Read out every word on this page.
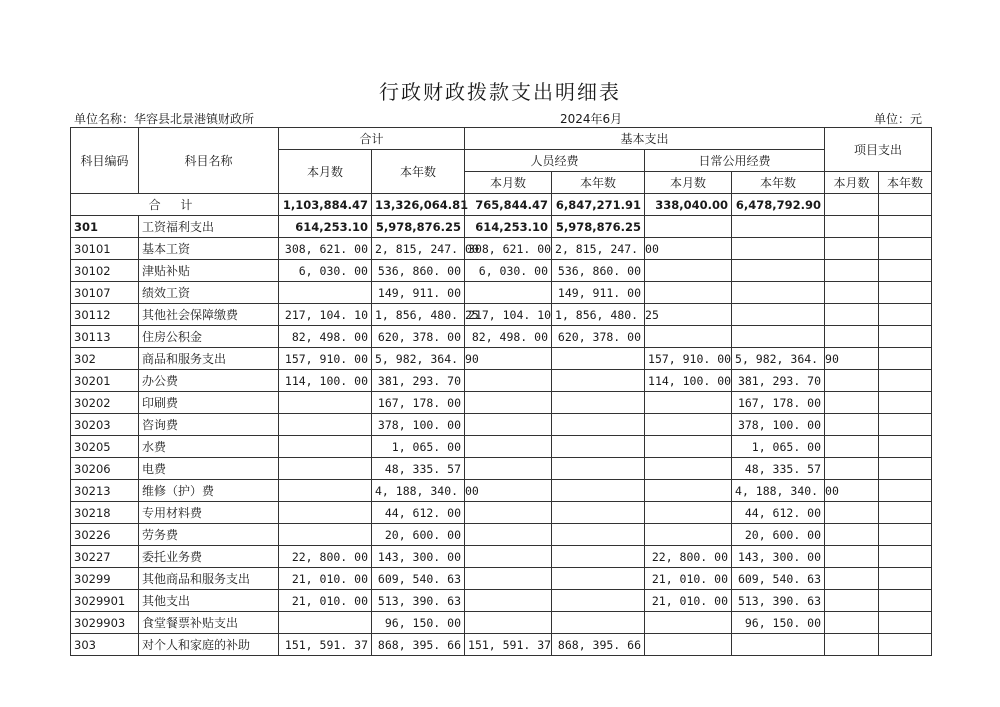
行政财政拨款支出明细表
单位名称：华容县北景港镇财政所	2024年6月	单位：元
科目编码	科目名称	合计		基本支出				项目支出	
		本月数	本年数	人员经费		日常公用经费			
				本月数	本年数	本月数	本年数	本月数	本年数
合 计		1,103,884.47	13,326,064.81	765,844.47	6,847,271.91	338,040.00	6,478,792.90		
301	工资福利支出	614,253.10	5,978,876.25	614,253.10	5,978,876.25				
30101	基本工资	308, 621. 00	2, 815, 247. 00	308, 621. 00	2, 815, 247. 00				
30102	津贴补贴	6, 030. 00	536, 860. 00	6, 030. 00	536, 860. 00				
30107	绩效工资		149, 911. 00		149, 911. 00				
30112	其他社会保障缴费	217, 104. 10	1, 856, 480. 25	217, 104. 10	1, 856, 480. 25				
30113	住房公积金	82, 498. 00	620, 378. 00	82, 498. 00	620, 378. 00				
302	商品和服务支出	157, 910. 00	5, 982, 364. 90			157, 910. 00	5, 982, 364. 90		
30201	办公费	114, 100. 00	381, 293. 70			114, 100. 00	381, 293. 70		
30202	印刷费		167, 178. 00				167, 178. 00		
30203	咨询费		378, 100. 00				378, 100. 00		
30205	水费		1, 065. 00				1, 065. 00		
30206	电费		48, 335. 57				48, 335. 57		
30213	维修（护）费		4, 188, 340. 00				4, 188, 340. 00		
30218	专用材料费		44, 612. 00				44, 612. 00		
30226	劳务费		20, 600. 00				20, 600. 00		
30227	委托业务费	22, 800. 00	143, 300. 00			22, 800. 00	143, 300. 00		
30299	其他商品和服务支出	21, 010. 00	609, 540. 63			21, 010. 00	609, 540. 63		
3029901	其他支出	21, 010. 00	513, 390. 63			21, 010. 00	513, 390. 63		
3029903	食堂餐票补贴支出		96, 150. 00				96, 150. 00		
303	对个人和家庭的补助	151, 591. 37	868, 395. 66	151, 591. 37	868, 395. 66				
